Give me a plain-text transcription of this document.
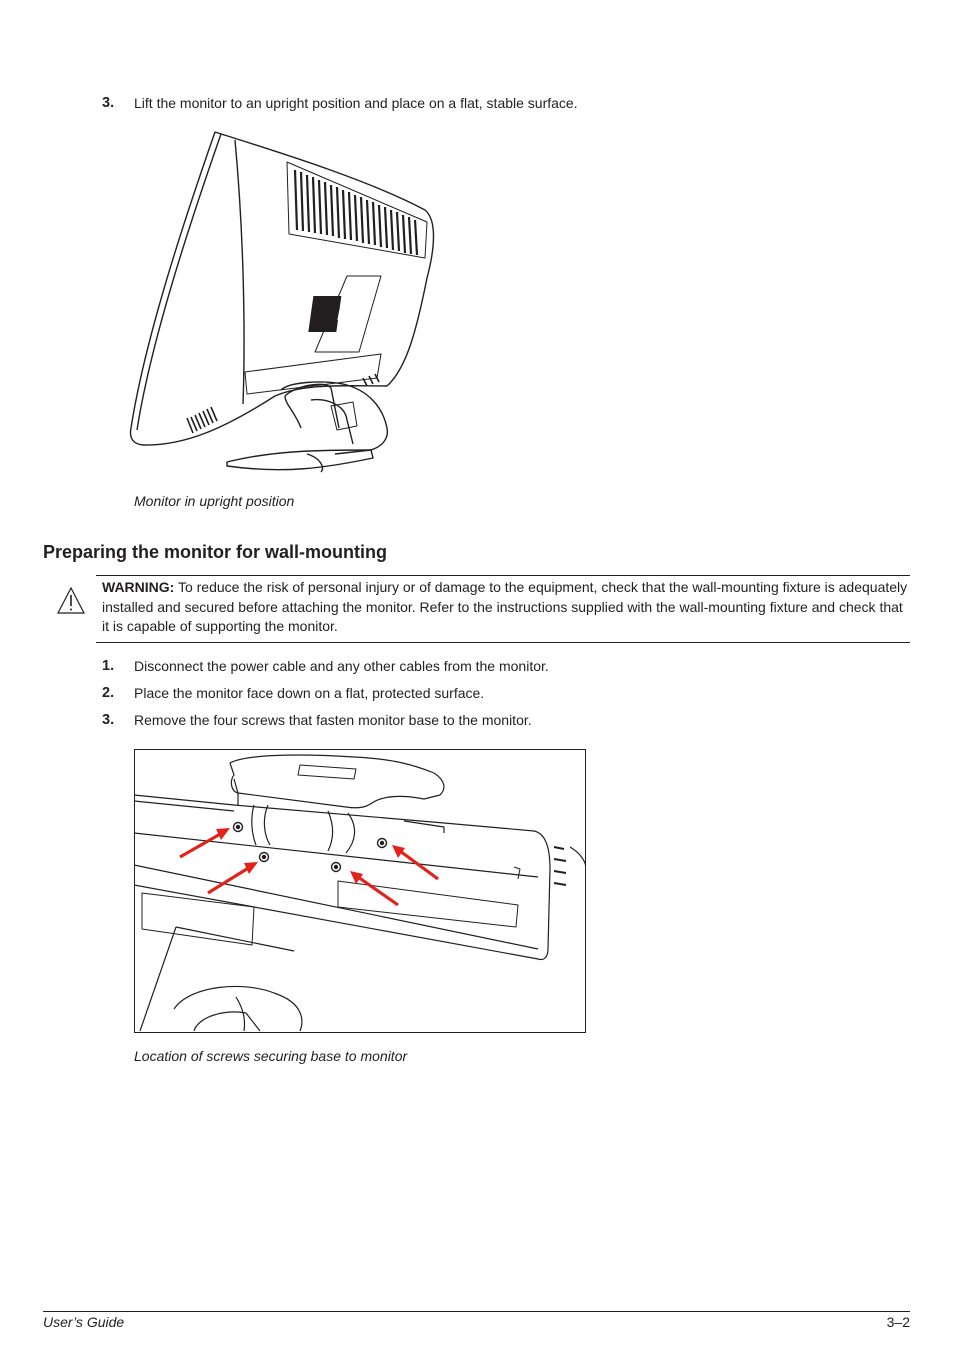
3. Lift the monitor to an upright position and place on a flat, stable surface.
hp
Monitor in upright position
Preparing the monitor for wall-mounting
WARNING: To reduce the risk of personal injury or of damage to the equipment, check that the wall-mounting fixture is adequately installed and secured before attaching the monitor. Refer to the instructions supplied with the wall-mounting fixture and check that it is capable of supporting the monitor.
1. Disconnect the power cable and any other cables from the monitor.
2. Place the monitor face down on a flat, protected surface.
3. Remove the four screws that fasten monitor base to the monitor.
Location of screws securing base to monitor
User’s Guide	3–2
